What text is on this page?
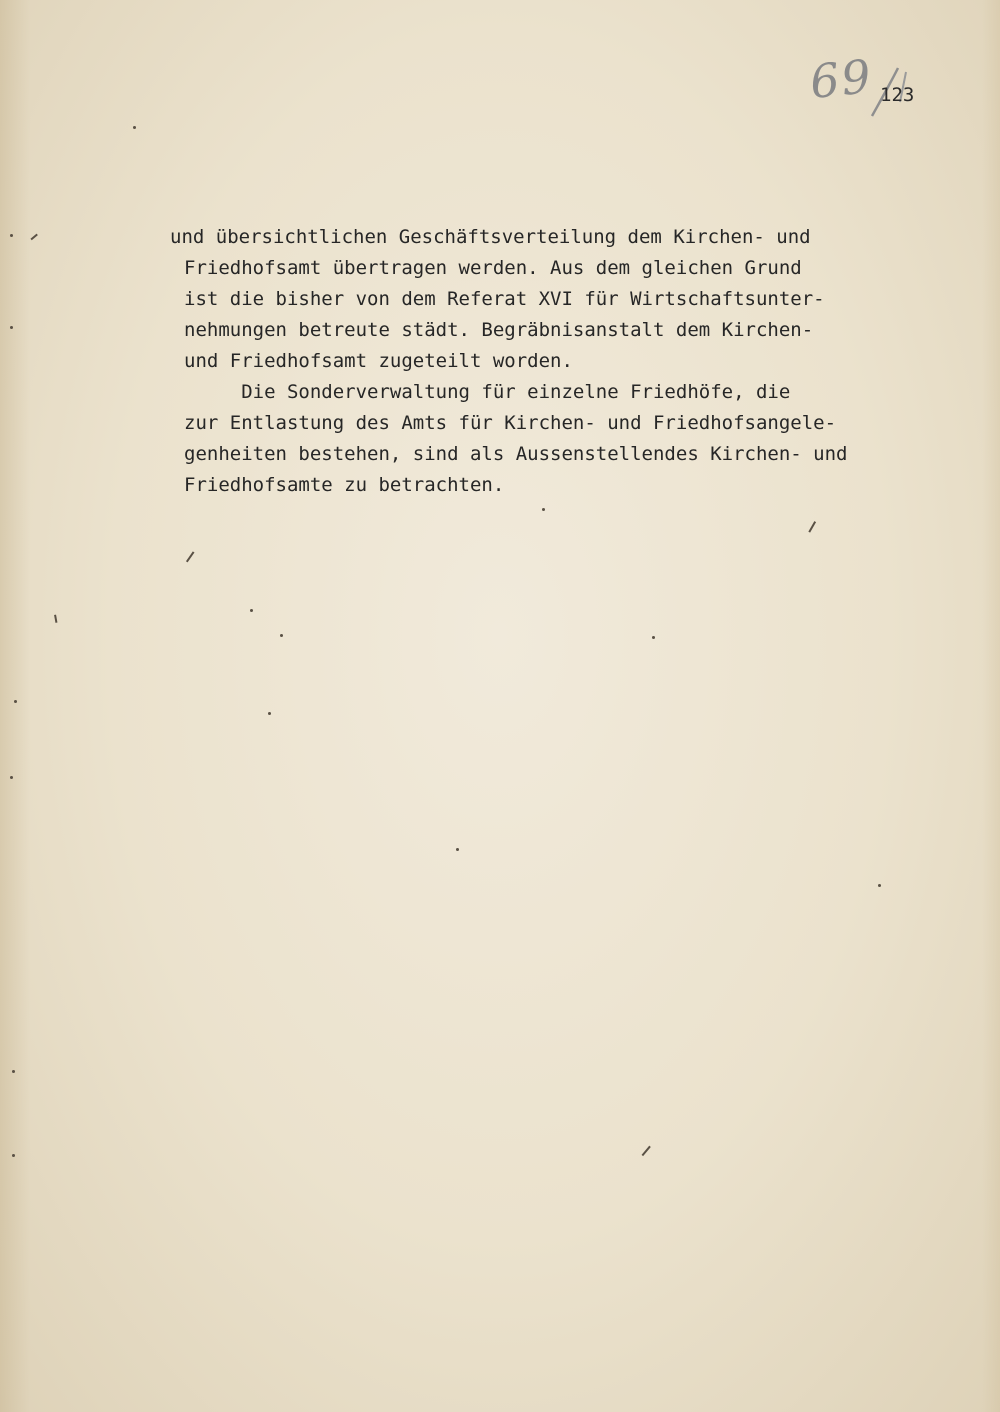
69 123
und übersichtlichen Geschäftsverteilung dem Kirchen- und
Friedhofsamt übertragen werden. Aus dem gleichen Grund
ist die bisher von dem Referat XVI für Wirtschaftsunter-
nehmungen betreute städt. Begräbnisanstalt dem Kirchen-
und Friedhofsamt zugeteilt worden.
Die Sonderverwaltung für einzelne Friedhöfe, die
zur Entlastung des Amts für Kirchen- und Friedhofsangele-
genheiten bestehen, sind als Aussenstellendes Kirchen- und
Friedhofsamte zu betrachten.
